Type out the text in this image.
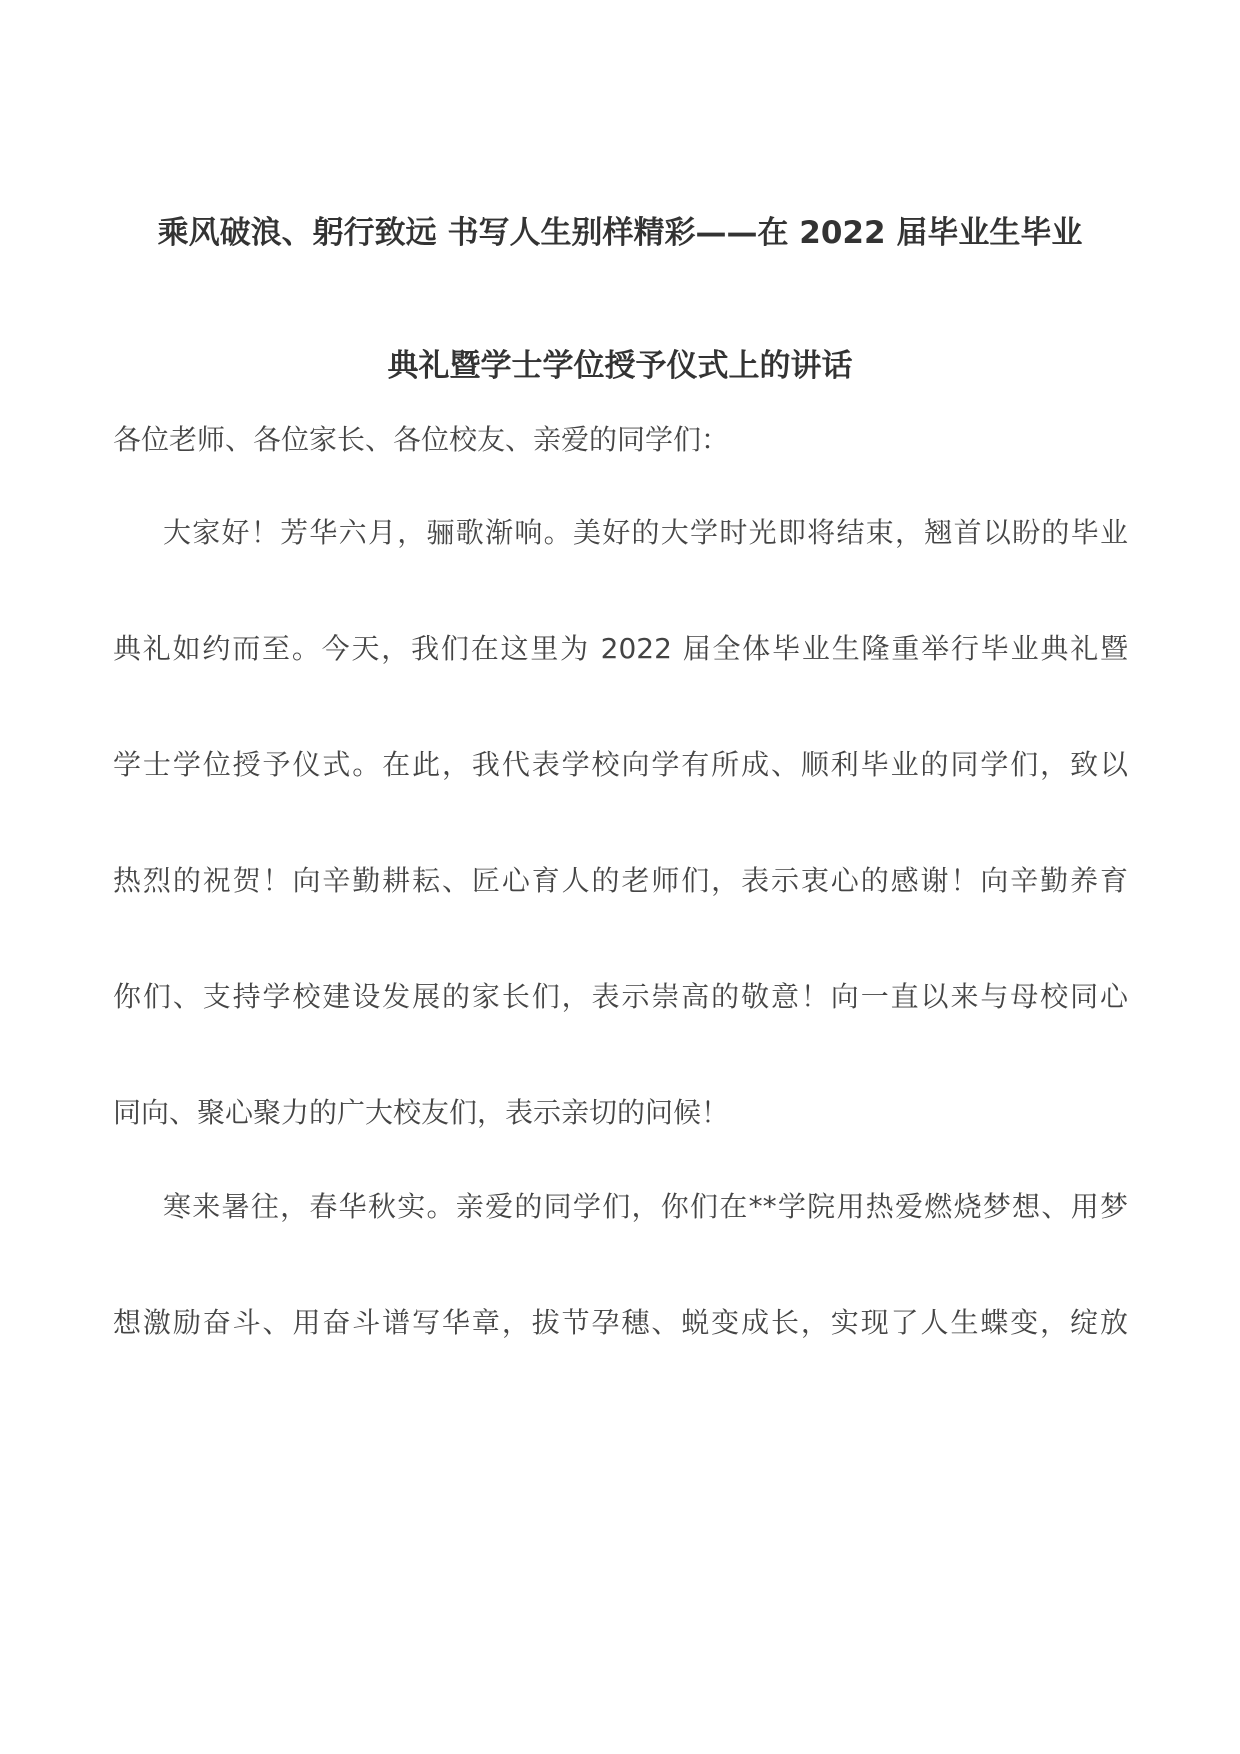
乘风破浪、躬行致远 书写人生别样精彩——在 2022 届毕业生毕业
典礼暨学士学位授予仪式上的讲话
各位老师、各位家长、各位校友、亲爱的同学们：
大家好！芳华六月，骊歌渐响。美好的大学时光即将结束，翘首以盼的毕业
典礼如约而至。今天，我们在这里为 2022 届全体毕业生隆重举行毕业典礼暨
学士学位授予仪式。在此，我代表学校向学有所成、顺利毕业的同学们，致以
热烈的祝贺！向辛勤耕耘、匠心育人的老师们，表示衷心的感谢！向辛勤养育
你们、支持学校建设发展的家长们，表示崇高的敬意！向一直以来与母校同心
同向、聚心聚力的广大校友们，表示亲切的问候！
寒来暑往，春华秋实。亲爱的同学们，你们在**学院用热爱燃烧梦想、用梦
想激励奋斗、用奋斗谱写华章，拔节孕穗、蜕变成长，实现了人生蝶变，绽放
